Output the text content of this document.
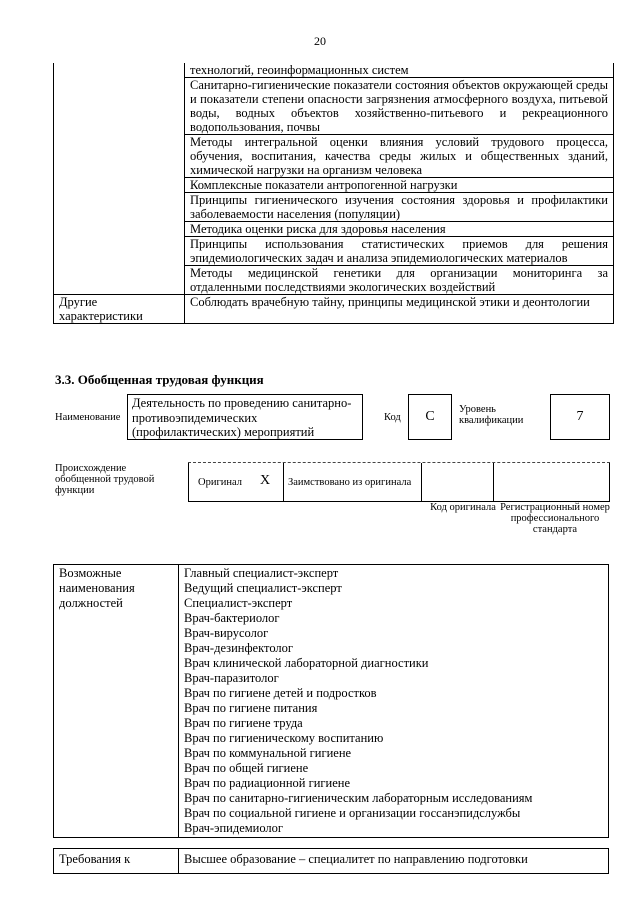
20
	технологий, геоинформационных систем
	Санитарно-гигиенические показатели состояния объектов окружающей среды и показатели степени опасности загрязнения атмосферного воздуха, питьевой воды, водных объектов хозяйственно-питьевого и рекреационного водопользования, почвы
	Методы интегральной оценки влияния условий трудового процесса, обучения, воспитания, качества среды жилых и общественных зданий, химической нагрузки на организм человека
	Комплексные показатели антропогенной нагрузки
	Принципы гигиенического изучения состояния здоровья и профилактики заболеваемости населения (популяции)
	Методика оценки риска для здоровья населения
	Принципы использования статистических приемов для решения эпидемиологических задач и анализа эпидемиологических материалов
	Методы медицинской генетики для организации мониторинга за отдаленными последствиями экологических воздействий
Другие характеристики	Соблюдать врачебную тайну, принципы медицинской этики и деонтологии
3.3. Обобщенная трудовая функция
Наименование
Деятельность по проведению санитарно-противоэпидемических (профилактических) мероприятий
Код	C	Уровень квалификации	7
Происхождение обобщенной трудовой функции
Оригинал X Заимствовано из оригинала
Код оригинала Регистрационный номер профессионального стандарта
Возможные наименования должностей	
Главный специалист-эксперт
Ведущий специалист-эксперт
Специалист-эксперт
Врач-бактериолог
Врач-вирусолог
Врач-дезинфектолог
Врач клинической лабораторной диагностики
Врач-паразитолог
Врач по гигиене детей и подростков
Врач по гигиене питания
Врач по гигиене труда
Врач по гигиеническому воспитанию
Врач по коммунальной гигиене
Врач по общей гигиене
Врач по радиационной гигиене
Врач по санитарно-гигиеническим лабораторным исследованиям
Врач по социальной гигиене и организации госсанэпидслужбы
Врач-эпидемиолог
Требования к	Высшее образование – специалитет по направлению подготовки
